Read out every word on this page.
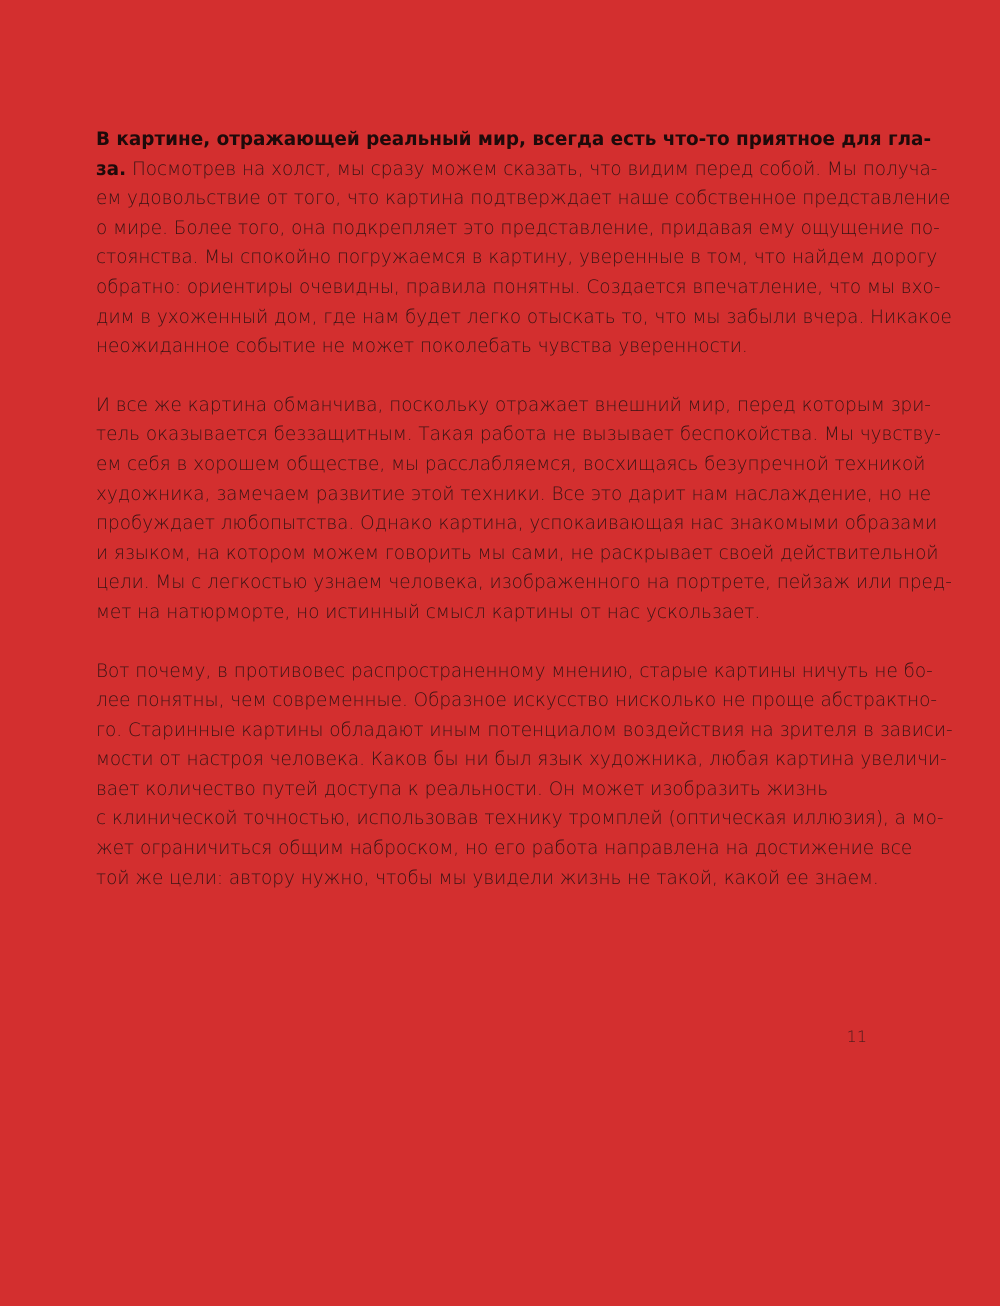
В картине, отражающей реальный мир, всегда есть что-то приятное для гла-
за. Посмотрев на холст, мы сразу можем сказать, что видим перед собой. Мы получа-
ем удовольствие от того, что картина подтверждает наше собственное представление
о мире. Более того, она подкрепляет это представление, придавая ему ощущение по-
стоянства. Мы спокойно погружаемся в картину, уверенные в том, что найдем дорогу
обратно: ориентиры очевидны, правила понятны. Создается впечатление, что мы вхо-
дим в ухоженный дом, где нам будет легко отыскать то, что мы забыли вчера. Никакое
неожиданное событие не может поколебать чувства уверенности.

И все же картина обманчива, поскольку отражает внешний мир, перед которым зри-
тель оказывается беззащитным. Такая работа не вызывает беспокойства. Мы чувству-
ем себя в хорошем обществе, мы расслабляемся, восхищаясь безупречной техникой
художника, замечаем развитие этой техники. Все это дарит нам наслаждение, но не
пробуждает любопытства. Однако картина, успокаивающая нас знакомыми образами
и языком, на котором можем говорить мы сами, не раскрывает своей действительной
цели. Мы с легкостью узнаем человека, изображенного на портрете, пейзаж или пред-
мет на натюрморте, но истинный смысл картины от нас ускользает.

Вот почему, в противовес распространенному мнению, старые картины ничуть не бо-
лее понятны, чем современные. Образное искусство нисколько не проще абстрактно-
го. Старинные картины обладают иным потенциалом воздействия на зрителя в зависи-
мости от настроя человека. Каков бы ни был язык художника, любая картина увеличи-
вает количество путей доступа к реальности. Он может изобразить жизнь
с клинической точностью, использовав технику тромплей (оптическая иллюзия), а мо-
жет ограничиться общим наброском, но его работа направлена на достижение все
той же цели: автору нужно, чтобы мы увидели жизнь не такой, какой ее знаем.

11
